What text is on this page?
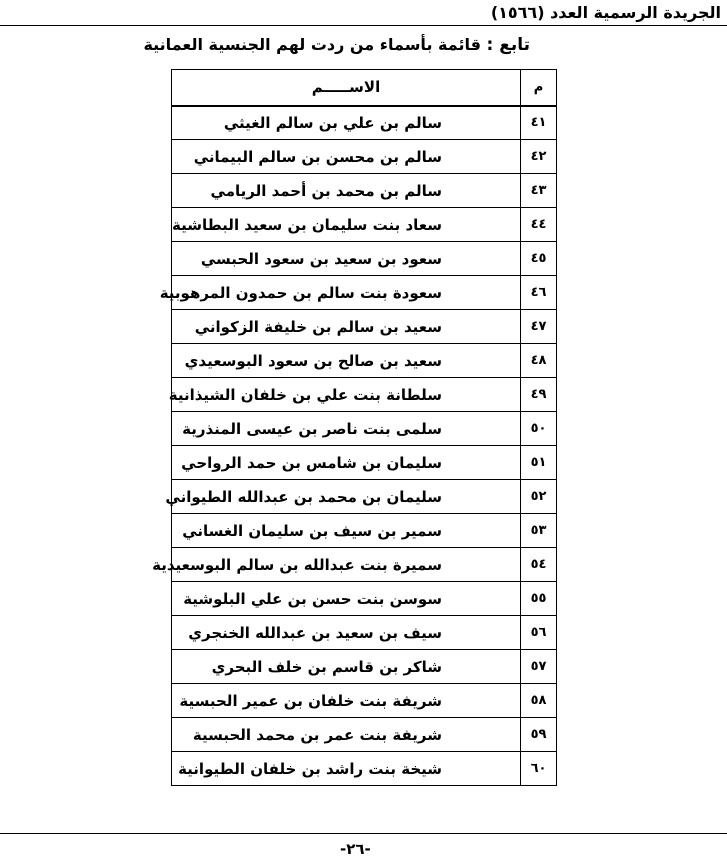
الجريدة الرسمية العدد (١٥٦٦)
تابع : قائمة بأسماء من ردت لهم الجنسية العمانية
م	الاســـــم
٤١	سالم بن علي بن سالم الغيثي
٤٢	سالم بن محسن بن سالم البيماني
٤٣	سالم بن محمد بن أحمد الريامي
٤٤	سعاد بنت سليمان بن سعيد البطاشية
٤٥	سعود بن سعيد بن سعود الحبسي
٤٦	سعودة بنت سالم بن حمدون المرهوبية
٤٧	سعيد بن سالم بن خليفة الزكواني
٤٨	سعيد بن صالح بن سعود البوسعيدي
٤٩	سلطانة بنت علي بن خلفان الشيذانية
٥٠	سلمى بنت ناصر بن عيسى المنذرية
٥١	سليمان بن شامس بن حمد الرواحي
٥٢	سليمان بن محمد بن عبدالله الطيواني
٥٣	سمير بن سيف بن سليمان الغساني
٥٤	سميرة بنت عبدالله بن سالم البوسعيدية
٥٥	سوسن بنت حسن بن علي البلوشية
٥٦	سيف بن سعيد بن عبدالله الخنجري
٥٧	شاكر بن قاسم بن خلف البحري
٥٨	شريفة بنت خلفان بن عمير الحبسية
٥٩	شريفة بنت عمر بن محمد الحبسية
٦٠	شيخة بنت راشد بن خلفان الطيوانية
-٢٦-
